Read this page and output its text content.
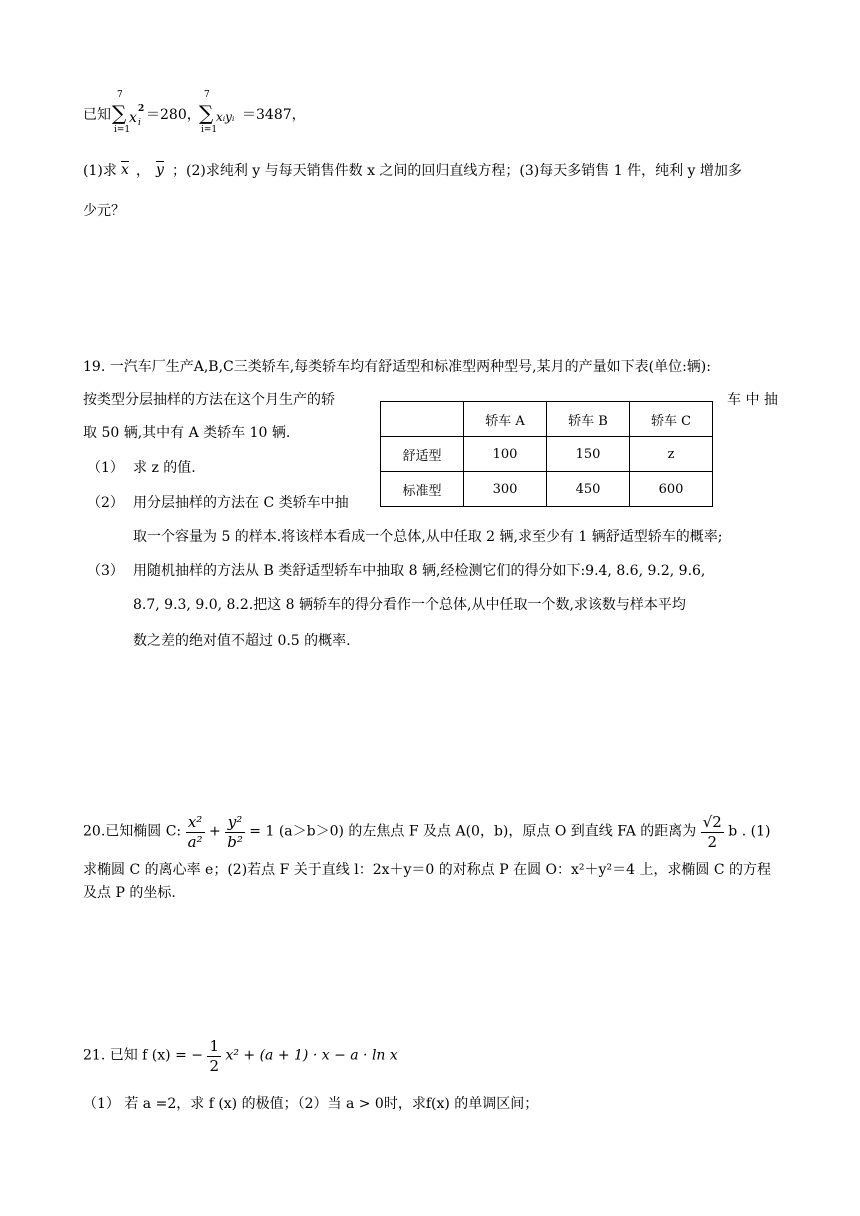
已知
7
∑
i=1
x i
2 ＝280，
7
∑
i=1
xᵢyᵢ ＝3487，
(1)求 x ， y ；(2)求纯利 y 与每天销售件数 x 之间的回归直线方程；(3)每天多销售 1 件，纯利 y 增加多
少元？
19. 一汽车厂生产A,B,C三类轿车,每类轿车均有舒适型和标准型两种型号,某月的产量如下表(单位:辆):
按类型分层抽样的方法在这个月生产的轿	车 中 抽
取 50 辆,其中有 A 类轿车 10 辆.
	轿车 A	轿车 B	轿车 C
舒适型	100	150	z
标准型	300	450	600
（1） 求 z 的值.
（2） 用分层抽样的方法在 C 类轿车中抽
取一个容量为 5 的样本.将该样本看成一个总体,从中任取 2 辆,求至少有 1 辆舒适型轿车的概率;
（3） 用随机抽样的方法从 B 类舒适型轿车中抽取 8 辆,经检测它们的得分如下:9.4, 8.6, 9.2, 9.6,
8.7, 9.3, 9.0, 8.2.把这 8 辆轿车的得分看作一个总体,从中任取一个数,求该数与样本平均
数之差的绝对值不超过 0.5 的概率.
20.已知椭圆 C: $\frac{\text{x²}}{\text{a²}} + \frac{\text{y²}}{\text{b²}} = 1$ (a＞b＞0) 的左焦点 F 及点 A(0，b)，原点 O 到直线 FA 的距离为 $\frac{√2}{2}$ b . (1)
求椭圆 C 的离心率 e；(2)若点 F 关于直线 l：2x＋y＝0 的对称点 P 在圆 O：x²＋y²＝4 上，求椭圆 C 的方程
及点 P 的坐标.
21. 已知 f (x) = − $\frac{1}{2} x^2 + (a + 1) \cdot x - a \cdot \ln x$
（1） 若 a =2，求 f (x) 的极值；（2）当 a > 0时，求f(x) 的单调区间；
